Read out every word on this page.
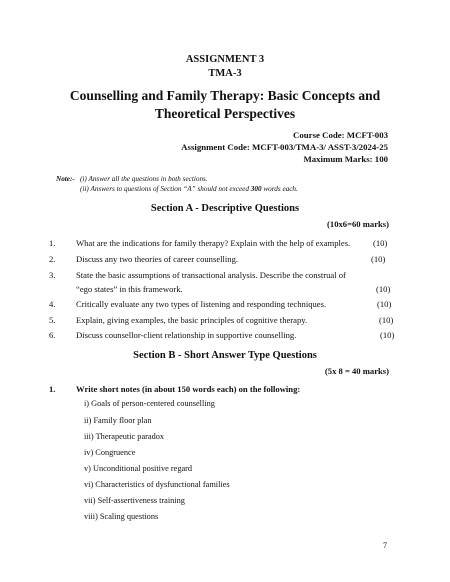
ASSIGNMENT 3
TMA-3
Counselling and Family Therapy: Basic Concepts and
Theoretical Perspectives
Course Code: MCFT-003
Assignment Code: MCFT-003/TMA-3/ ASST-3/2024-25
Maximum Marks: 100
Note:- (i) Answer all the questions in both sections.
(ii) Answers to questions of Section “A” should not exceed 300 words each.
Section A - Descriptive Questions
(10x6=60 marks)
1. What are the indications for family therapy? Explain with the help of examples.	(10)
2. Discuss any two theories of career counselling.	(10)
3. State the basic assumptions of transactional analysis. Describe the construal of
“ego states” in this framework.	(10)
4. Critically evaluate any two types of listening and responding techniques.	(10)
5. Explain, giving examples, the basic principles of cognitive therapy.	(10)
6. Discuss counsellor-client relationship in supportive counselling.	(10)
Section B - Short Answer Type Questions
(5x 8 = 40 marks)
1. Write short notes (in about 150 words each) on the following:
i) Goals of person-centered counselling
ii) Family floor plan
iii) Therapeutic paradox
iv) Congruence
v) Unconditional positive regard
vi) Characteristics of dysfunctional families
vii) Self-assertiveness training
viii) Scaling questions
7
